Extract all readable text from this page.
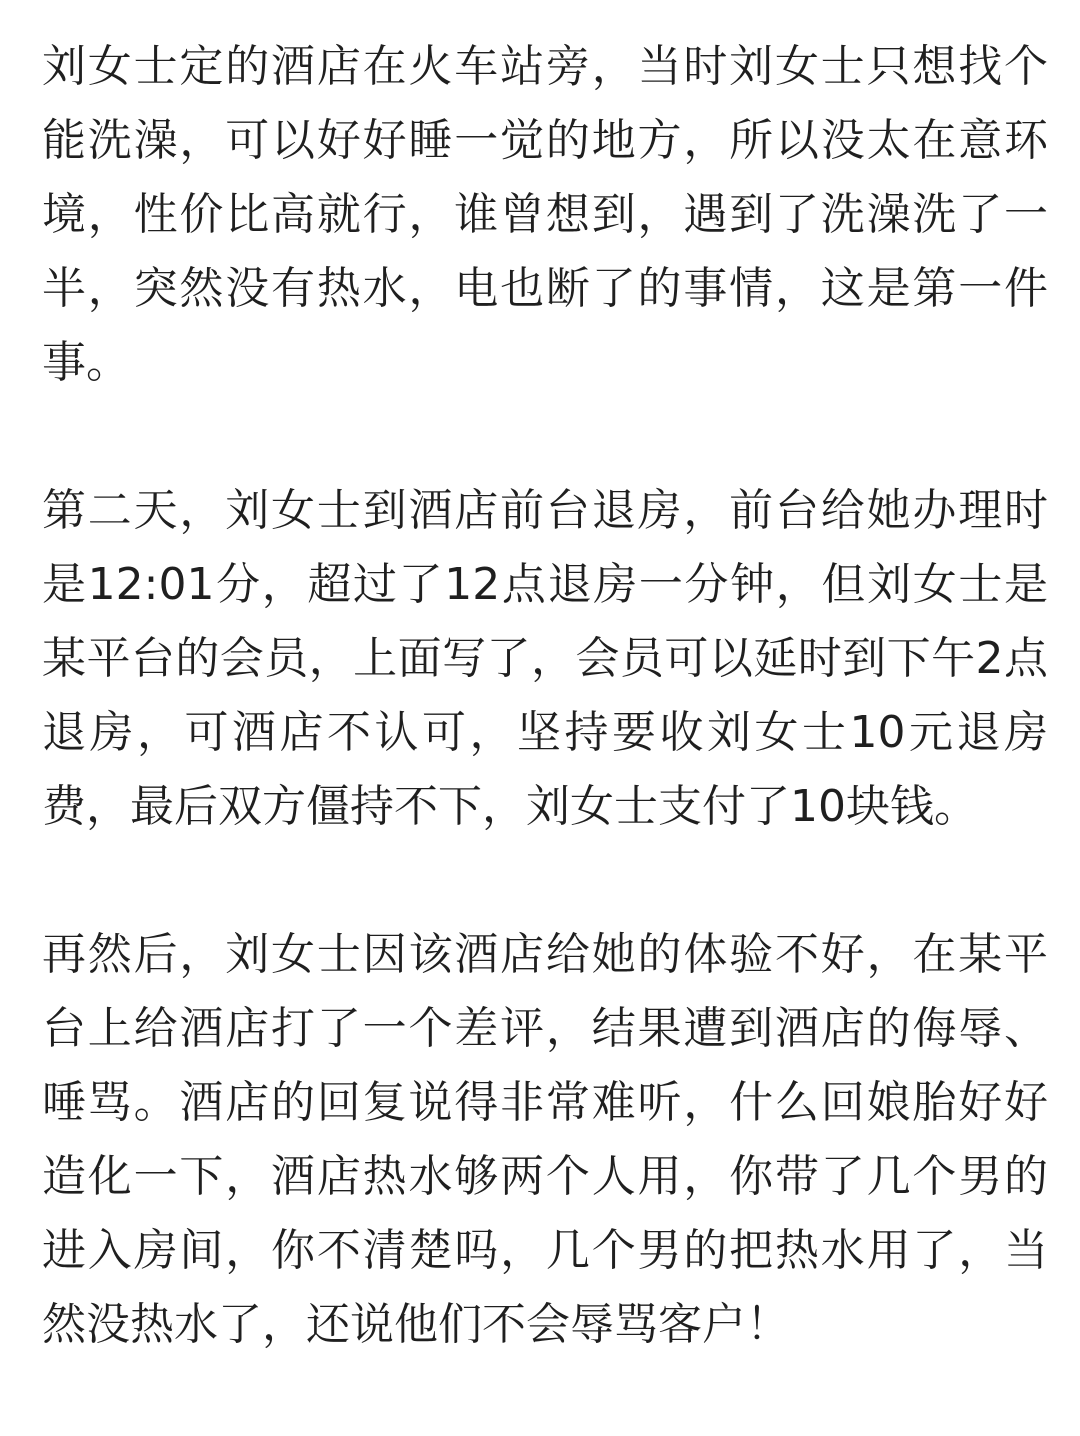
刘女士定的酒店在火车站旁，当时刘女士只想找个能洗澡，可以好好睡一觉的地方，所以没太在意环境，性价比高就行，谁曾想到，遇到了洗澡洗了一半，突然没有热水，电也断了的事情，这是第一件事。

第二天，刘女士到酒店前台退房，前台给她办理时是12:01分，超过了12点退房一分钟，但刘女士是某平台的会员，上面写了，会员可以延时到下午2点退房，可酒店不认可，坚持要收刘女士10元退房费，最后双方僵持不下，刘女士支付了10块钱。

再然后，刘女士因该酒店给她的体验不好，在某平台上给酒店打了一个差评，结果遭到酒店的侮辱、唾骂。酒店的回复说得非常难听，什么回娘胎好好造化一下，酒店热水够两个人用，你带了几个男的进入房间，你不清楚吗，几个男的把热水用了，当然没热水了，还说他们不会辱骂客户！
